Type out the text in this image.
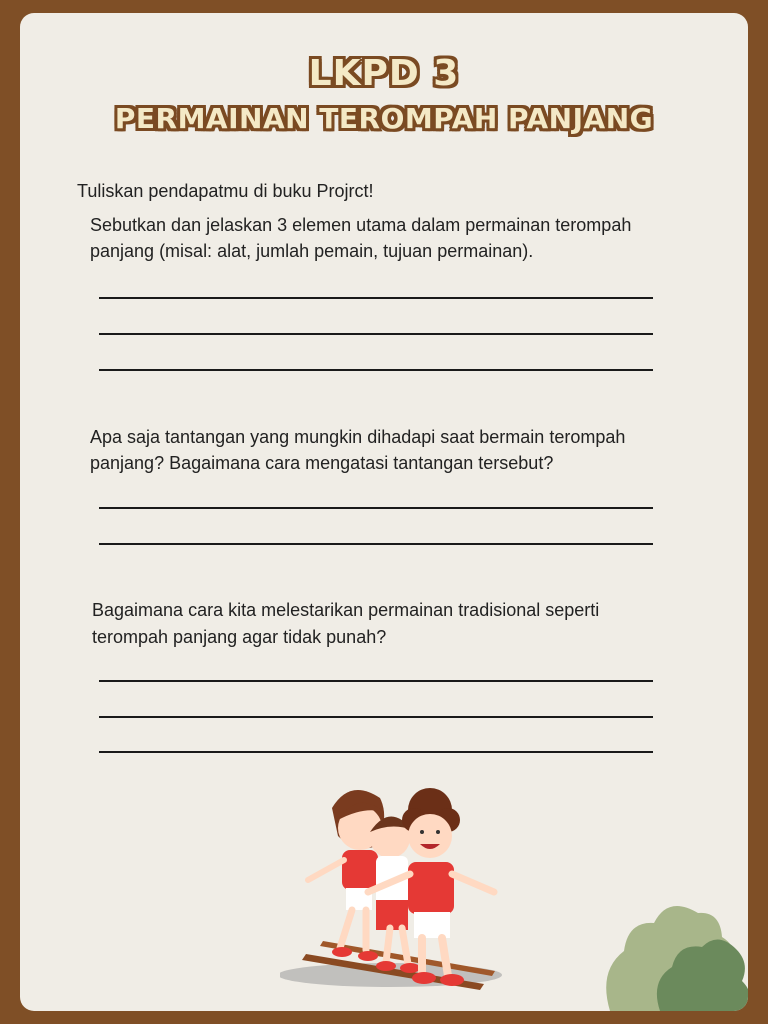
LKPD 3
PERMAINAN TEROMPAH PANJANG
Tuliskan pendapatmu di buku Projrct!
Sebutkan dan jelaskan 3 elemen utama dalam permainan terompah
panjang (misal: alat, jumlah pemain, tujuan permainan).
Apa saja tantangan yang mungkin dihadapi saat bermain terompah
panjang? Bagaimana cara mengatasi tantangan tersebut?
Bagaimana cara kita melestarikan permainan tradisional seperti
terompah panjang agar tidak punah?
